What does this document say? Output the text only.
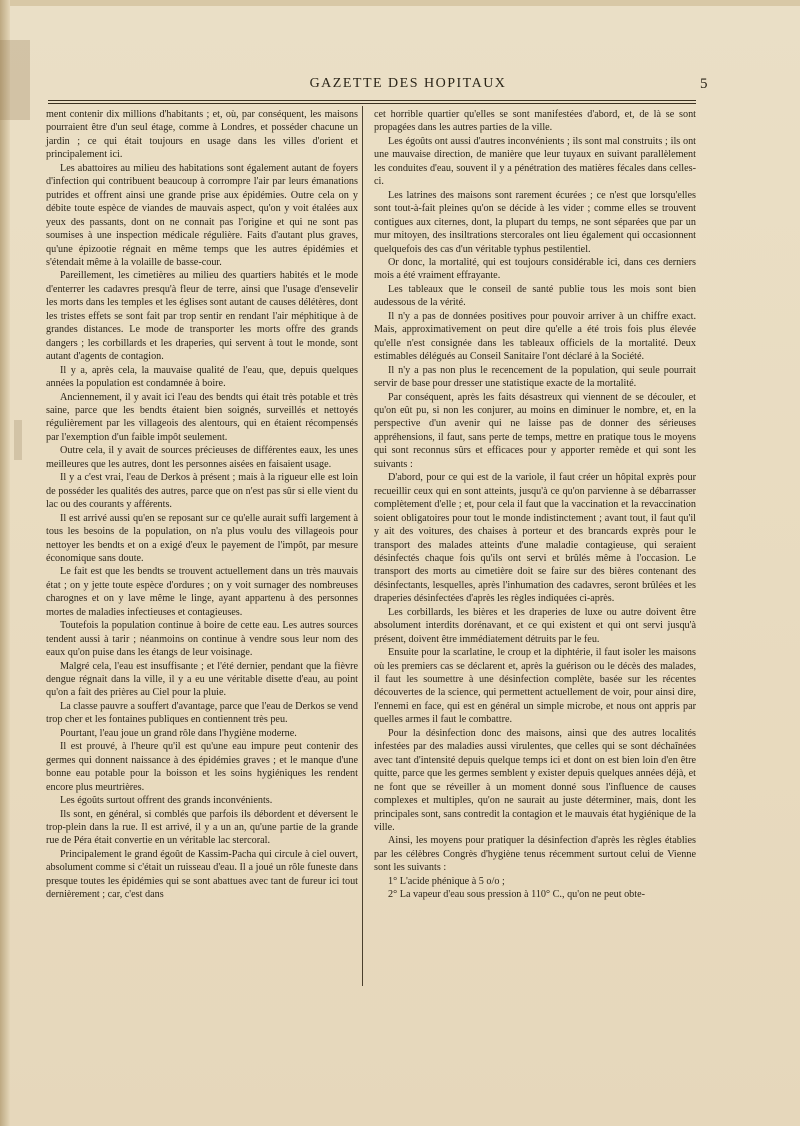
GAZETTE DES HOPITAUX	5

ment contenir dix millions d'habitants ; et, où, par conséquent, les maisons pourraient être d'un seul étage, comme à Londres, et posséder chacune un jardin ; ce qui était toujours en usage dans les villes d'orient et principalement ici.

Les abattoires au milieu des habitations sont également autant de foyers d'infection qui contribuent beaucoup à corrompre l'air par leurs émanations putrides et offrent ainsi une grande prise aux épidémies. Outre cela on y débite toute espèce de viandes de mauvais aspect, qu'on y voit étalées aux yeux des passants, dont on ne connait pas l'origine et qui ne sont pas soumises à une inspection médicale régulière. Faits d'autant plus graves, qu'une épizootie régnait en même temps que les autres épidémies et s'étendait même à la volaille de basse-cour.

Pareillement, les cimetières au milieu des quartiers habités et le mode d'enterrer les cadavres presqu'à fleur de terre, ainsi que l'usage d'ensevelir les morts dans les temples et les églises sont autant de causes délétères, dont les tristes effets se sont fait par trop sentir en rendant l'air méphitique à de grandes distances. Le mode de transporter les morts offre des grands dangers ; les corbillards et les draperies, qui servent à tout le monde, sont autant d'agents de contagion.

Il y a, après cela, la mauvaise qualité de l'eau, que, depuis quelques années la population est condamnée à boire.

Anciennement, il y avait ici l'eau des bendts qui était très potable et très saine, parce que les bendts étaient bien soignés, surveillés et nettoyés régulièrement par les villageois des alentours, qui en étaient récompensés par l'exemption d'un faible impôt seulement.

Outre cela, il y avait de sources précieuses de différentes eaux, les unes meilleures que les autres, dont les personnes aisées en faisaient usage.

Il y a c'est vrai, l'eau de Derkos à présent ; mais à la rigueur elle est loin de posséder les qualités des autres, parce que on n'est pas sûr si elle vient du lac ou des courants y afférents.

Il est arrivé aussi qu'en se reposant sur ce qu'elle aurait suffi largement à tous les besoins de la population, on n'a plus voulu des villageois pour nettoyer les bendts et on a exigé d'eux le payement de l'impôt, par mesure économique sans doute.

Le fait est que les bendts se trouvent actuellement dans un très mauvais état ; on y jette toute espèce d'ordures ; on y voit surnager des nombreuses charognes et on y lave même le linge, ayant appartenu à des personnes mortes de maladies infectieuses et contagieuses.

Toutefois la population continue à boire de cette eau. Les autres sources tendent aussi à tarir ; néanmoins on continue à vendre sous leur nom des eaux qu'on puise dans les étangs de leur voisinage.

Malgré cela, l'eau est insuffisante ; et l'été dernier, pendant que la fièvre dengue régnait dans la ville, il y a eu une véritable disette d'eau, au point qu'on a fait des prières au Ciel pour la pluie.

La classe pauvre a souffert d'avantage, parce que l'eau de Derkos se vend trop cher et les fontaines publiques en contiennent très peu.

Pourtant, l'eau joue un grand rôle dans l'hygiène moderne.

Il est prouvé, à l'heure qu'il est qu'une eau impure peut contenir des germes qui donnent naissance à des épidémies graves ; et le manque d'une bonne eau potable pour la boisson et les soins hygiéniques les rendent encore plus meurtrières.

Les égoûts surtout offrent des grands inconvénients.

Ils sont, en général, si comblés que parfois ils débordent et déversent le trop-plein dans la rue. Il est arrivé, il y a un an, qu'une partie de la grande rue de Péra était convertie en un véritable lac stercoral.

Principalement le grand égoût de Kassim-Pacha qui circule à ciel ouvert, absolument comme si c'était un ruisseau d'eau. Il a joué un rôle funeste dans presque toutes les épidémies qui se sont abattues avec tant de fureur ici tout dernièrement ; car, c'est dans

cet horrible quartier qu'elles se sont manifestées d'abord, et, de là se sont propagées dans les autres parties de la ville.

Les égoûts ont aussi d'autres inconvénients ; ils sont mal construits ; ils ont une mauvaise direction, de manière que leur tuyaux en suivant parallèlement les conduites d'eau, souvent il y a pénétration des matières fécales dans celles-ci.

Les latrines des maisons sont rarement écurées ; ce n'est que lorsqu'elles sont tout-à-fait pleines qu'on se décide à les vider ; comme elles se trouvent contigues aux citernes, dont, la plupart du temps, ne sont séparées que par un mur mitoyen, des insiltrations stercorales ont lieu également qui occasionnent quelquefois des cas d'un véritable typhus pestilentiel.

Or donc, la mortalité, qui est toujours considérable ici, dans ces derniers mois a été vraiment effrayante.

Les tableaux que le conseil de santé publie tous les mois sont bien audessous de la vérité.

Il n'y a pas de données positives pour pouvoir arriver à un chiffre exact. Mais, approximativement on peut dire qu'elle a été trois fois plus élevée qu'elle n'est consignée dans les tableaux officiels de la mortalité. Deux estimables délégués au Conseil Sanitaire l'ont déclaré à la Société.

Il n'y a pas non plus le recencement de la population, qui seule pourrait servir de base pour dresser une statistique exacte de la mortalité.

Par conséquent, après les faits désastreux qui viennent de se découler, et qu'on eût pu, si non les conjurer, au moins en diminuer le nombre, et, en la perspective d'un avenir qui ne laisse pas de donner des sérieuses appréhensions, il faut, sans perte de temps, mettre en pratique tous le moyens qui sont reconnus sûrs et efficaces pour y apporter remède et qui sont les suivants :

D'abord, pour ce qui est de la variole, il faut créer un hôpital exprès pour recueillir ceux qui en sont atteints, jusqu'à ce qu'on parvienne à se débarrasser complètement d'elle ; et, pour cela il faut que la vaccination et la revaccination soient obligatoires pour tout le monde indistinctement ; avant tout, il faut qu'il y ait des voitures, des chaises à porteur et des brancards exprès pour le transport des malades atteints d'une maladie contagieuse, qui seraient désinfectés chaque fois qu'ils ont servi et brûlés même à l'occasion. Le transport des morts au cimetière doit se faire sur des bières contenant des désinfectants, lesquelles, après l'inhumation des cadavres, seront brûlées et les draperies désinfectées d'après les règles indiquées ci-après.

Les corbillards, les bières et les draperies de luxe ou autre doivent être absolument interdits dorénavant, et ce qui existent et qui ont servi jusqu'à présent, doivent être immédiatement détruits par le feu.

Ensuite pour la scarlatine, le croup et la diphtérie, il faut isoler les maisons où les premiers cas se déclarent et, après la guérison ou le décès des malades, il faut les soumettre à une désinfection complète, basée sur les récentes découvertes de la science, qui permettent actuellement de voir, pour ainsi dire, l'ennemi en face, qui est en général un simple microbe, et nous ont appris par quelles armes il faut le combattre.

Pour la désinfection donc des maisons, ainsi que des autres localités infestées par des maladies aussi virulentes, que celles qui se sont déchaînées avec tant d'intensité depuis quelque temps ici et dont on est bien loin d'en être quitte, parce que les germes semblent y exister depuis quelques années déjà, et ne font que se réveiller à un moment donné sous l'influence de causes complexes et multiples, qu'on ne saurait au juste déterminer, mais, dont les principales sont, sans contredit la contagion et le mauvais état hygiénique de la ville.

Ainsi, les moyens pour pratiquer la désinfection d'après les règles établies par les célèbres Congrès d'hygiène tenus récemment surtout celui de Vienne sont les suivants :

1° L'acide phénique à 5 o/o ;

2° La vapeur d'eau sous pression à 110° C., qu'on ne peut obte-
